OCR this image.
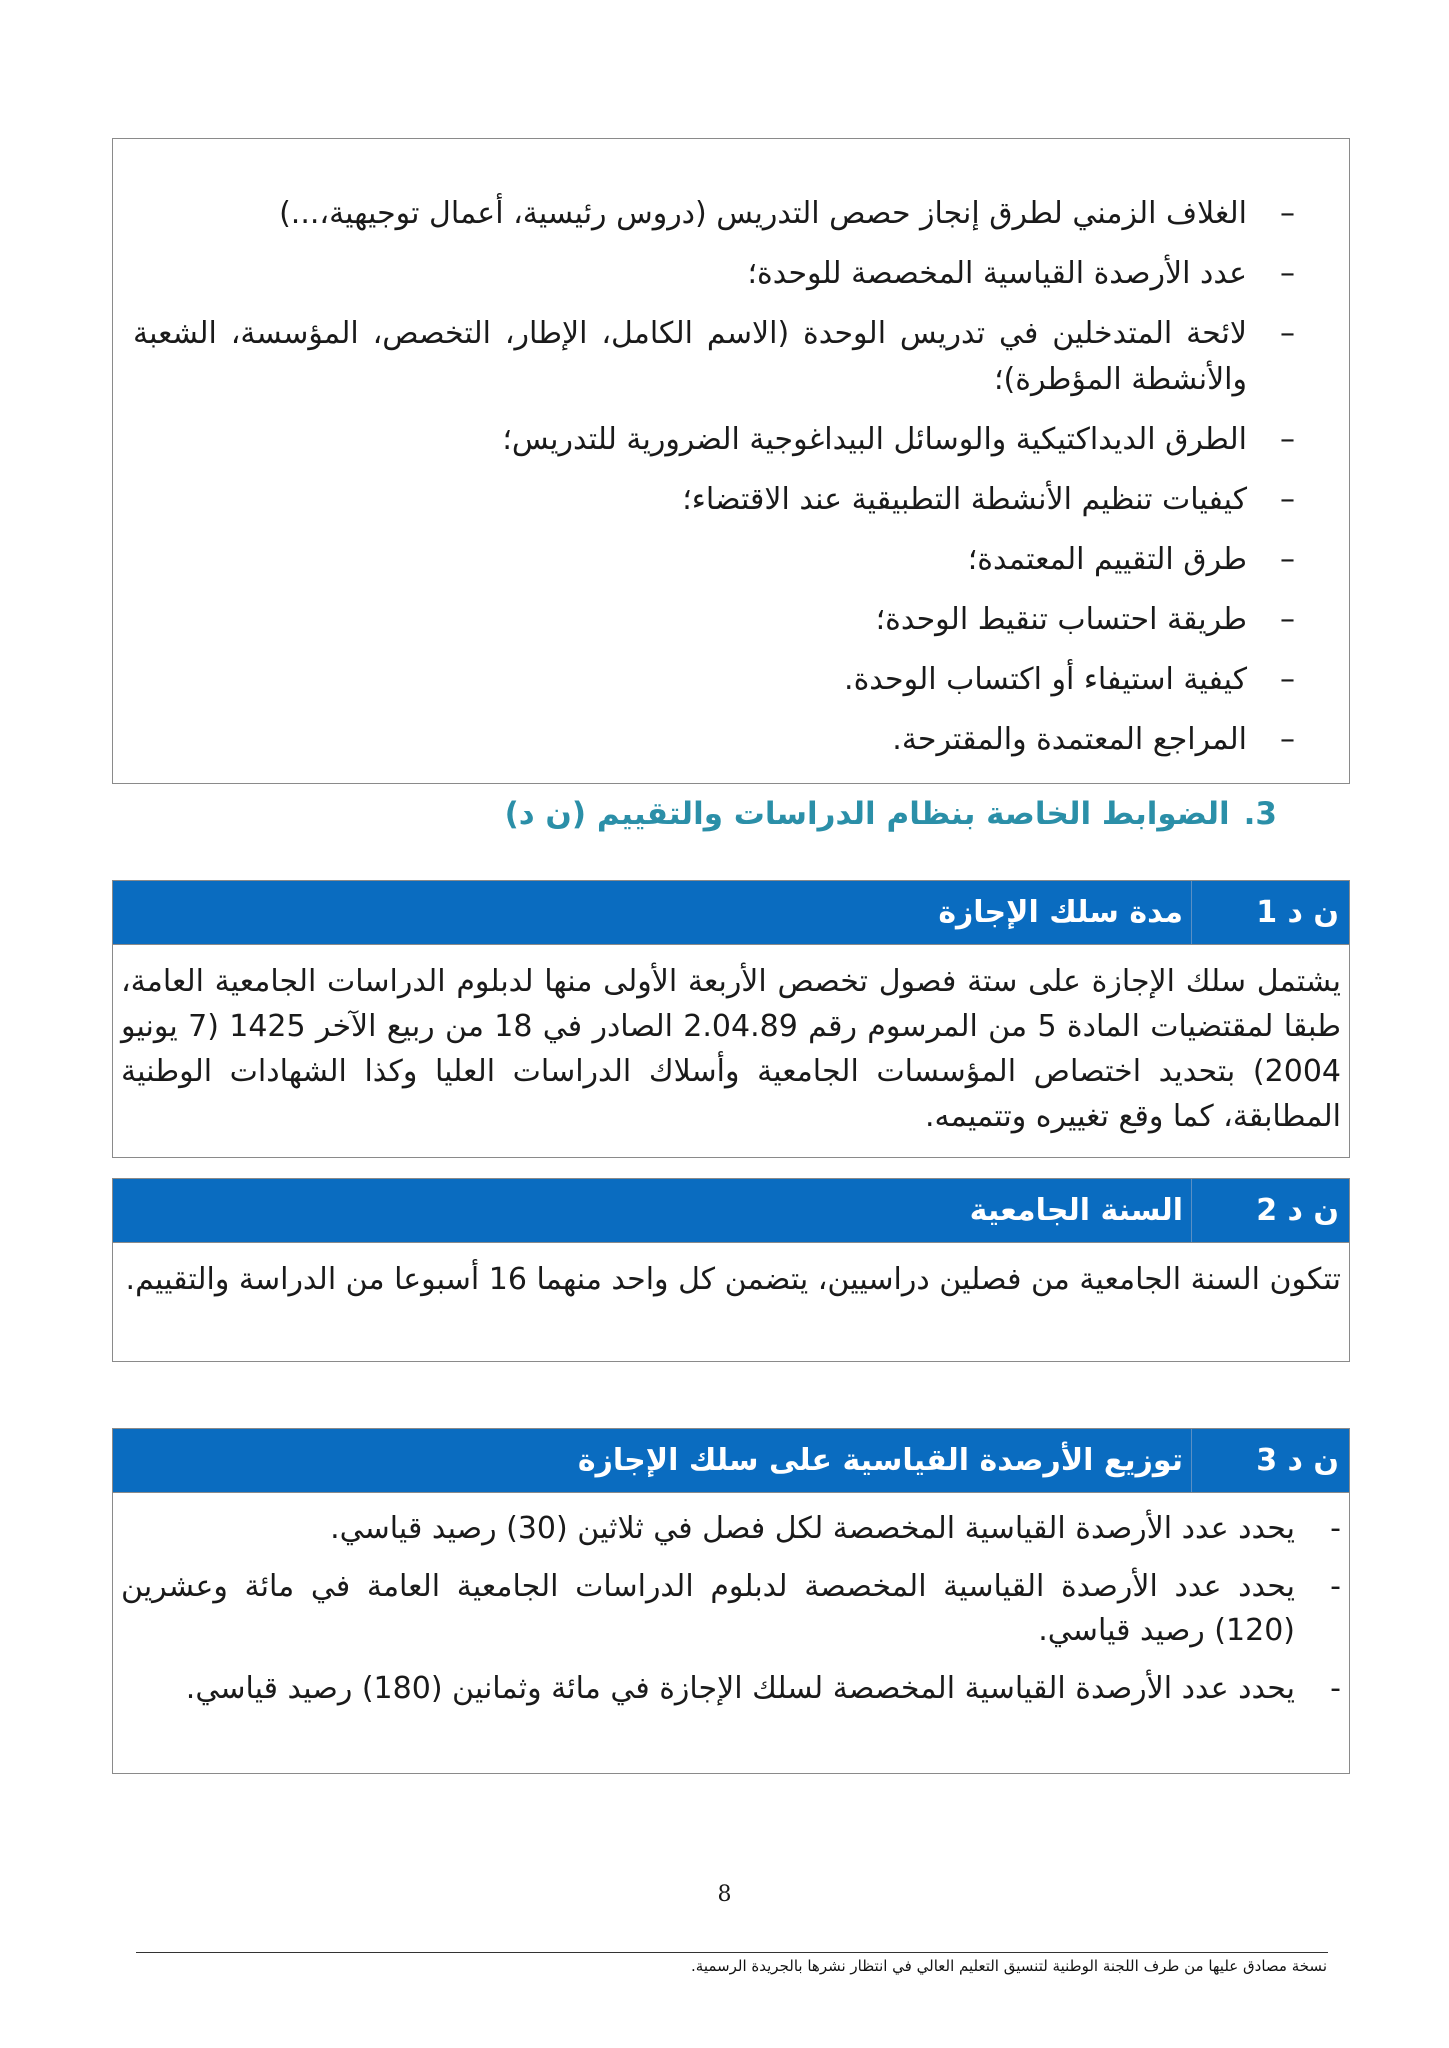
–
الغلاف الزمني لطرق إنجاز حصص التدريس (دروس رئيسية، أعمال توجيهية،...)
–
عدد الأرصدة القياسية المخصصة للوحدة؛
–
لائحة المتدخلين في تدريس الوحدة (الاسم الكامل، الإطار، التخصص، المؤسسة، الشعبة والأنشطة المؤطرة)؛
–
الطرق الديداكتيكية والوسائل البيداغوجية الضرورية للتدريس؛
–
كيفيات تنظيم الأنشطة التطبيقية عند الاقتضاء؛
–
طرق التقييم المعتمدة؛
–
طريقة احتساب تنقيط الوحدة؛
–
كيفية استيفاء أو اكتساب الوحدة.
–
المراجع المعتمدة والمقترحة.
3.الضوابط الخاصة بنظام الدراسات والتقييم (ن د)
ن د 1
مدة سلك الإجازة
يشتمل سلك الإجازة على ستة فصول تخصص الأربعة الأولى منها لدبلوم الدراسات الجامعية العامة، طبقا لمقتضيات المادة 5 من المرسوم رقم 2.04.89 الصادر في 18 من ربيع الآخر 1425 (7 يونيو 2004) بتحديد اختصاص المؤسسات الجامعية وأسلاك الدراسات العليا وكذا الشهادات الوطنية المطابقة، كما وقع تغييره وتتميمه.
ن د 2
السنة الجامعية
تتكون السنة الجامعية من فصلين دراسيين، يتضمن كل واحد منهما 16 أسبوعا من الدراسة والتقييم.
ن د 3
توزيع الأرصدة القياسية على سلك الإجازة
-
يحدد عدد الأرصدة القياسية المخصصة لكل فصل في ثلاثين (30) رصيد قياسي.
-
يحدد عدد الأرصدة القياسية المخصصة لدبلوم الدراسات الجامعية العامة في مائة وعشرين (120) رصيد قياسي.
-
يحدد عدد الأرصدة القياسية المخصصة لسلك الإجازة في مائة وثمانين (180) رصيد قياسي.
8
نسخة مصادق عليها من طرف اللجنة الوطنية لتنسيق التعليم العالي في انتظار نشرها بالجريدة الرسمية.
